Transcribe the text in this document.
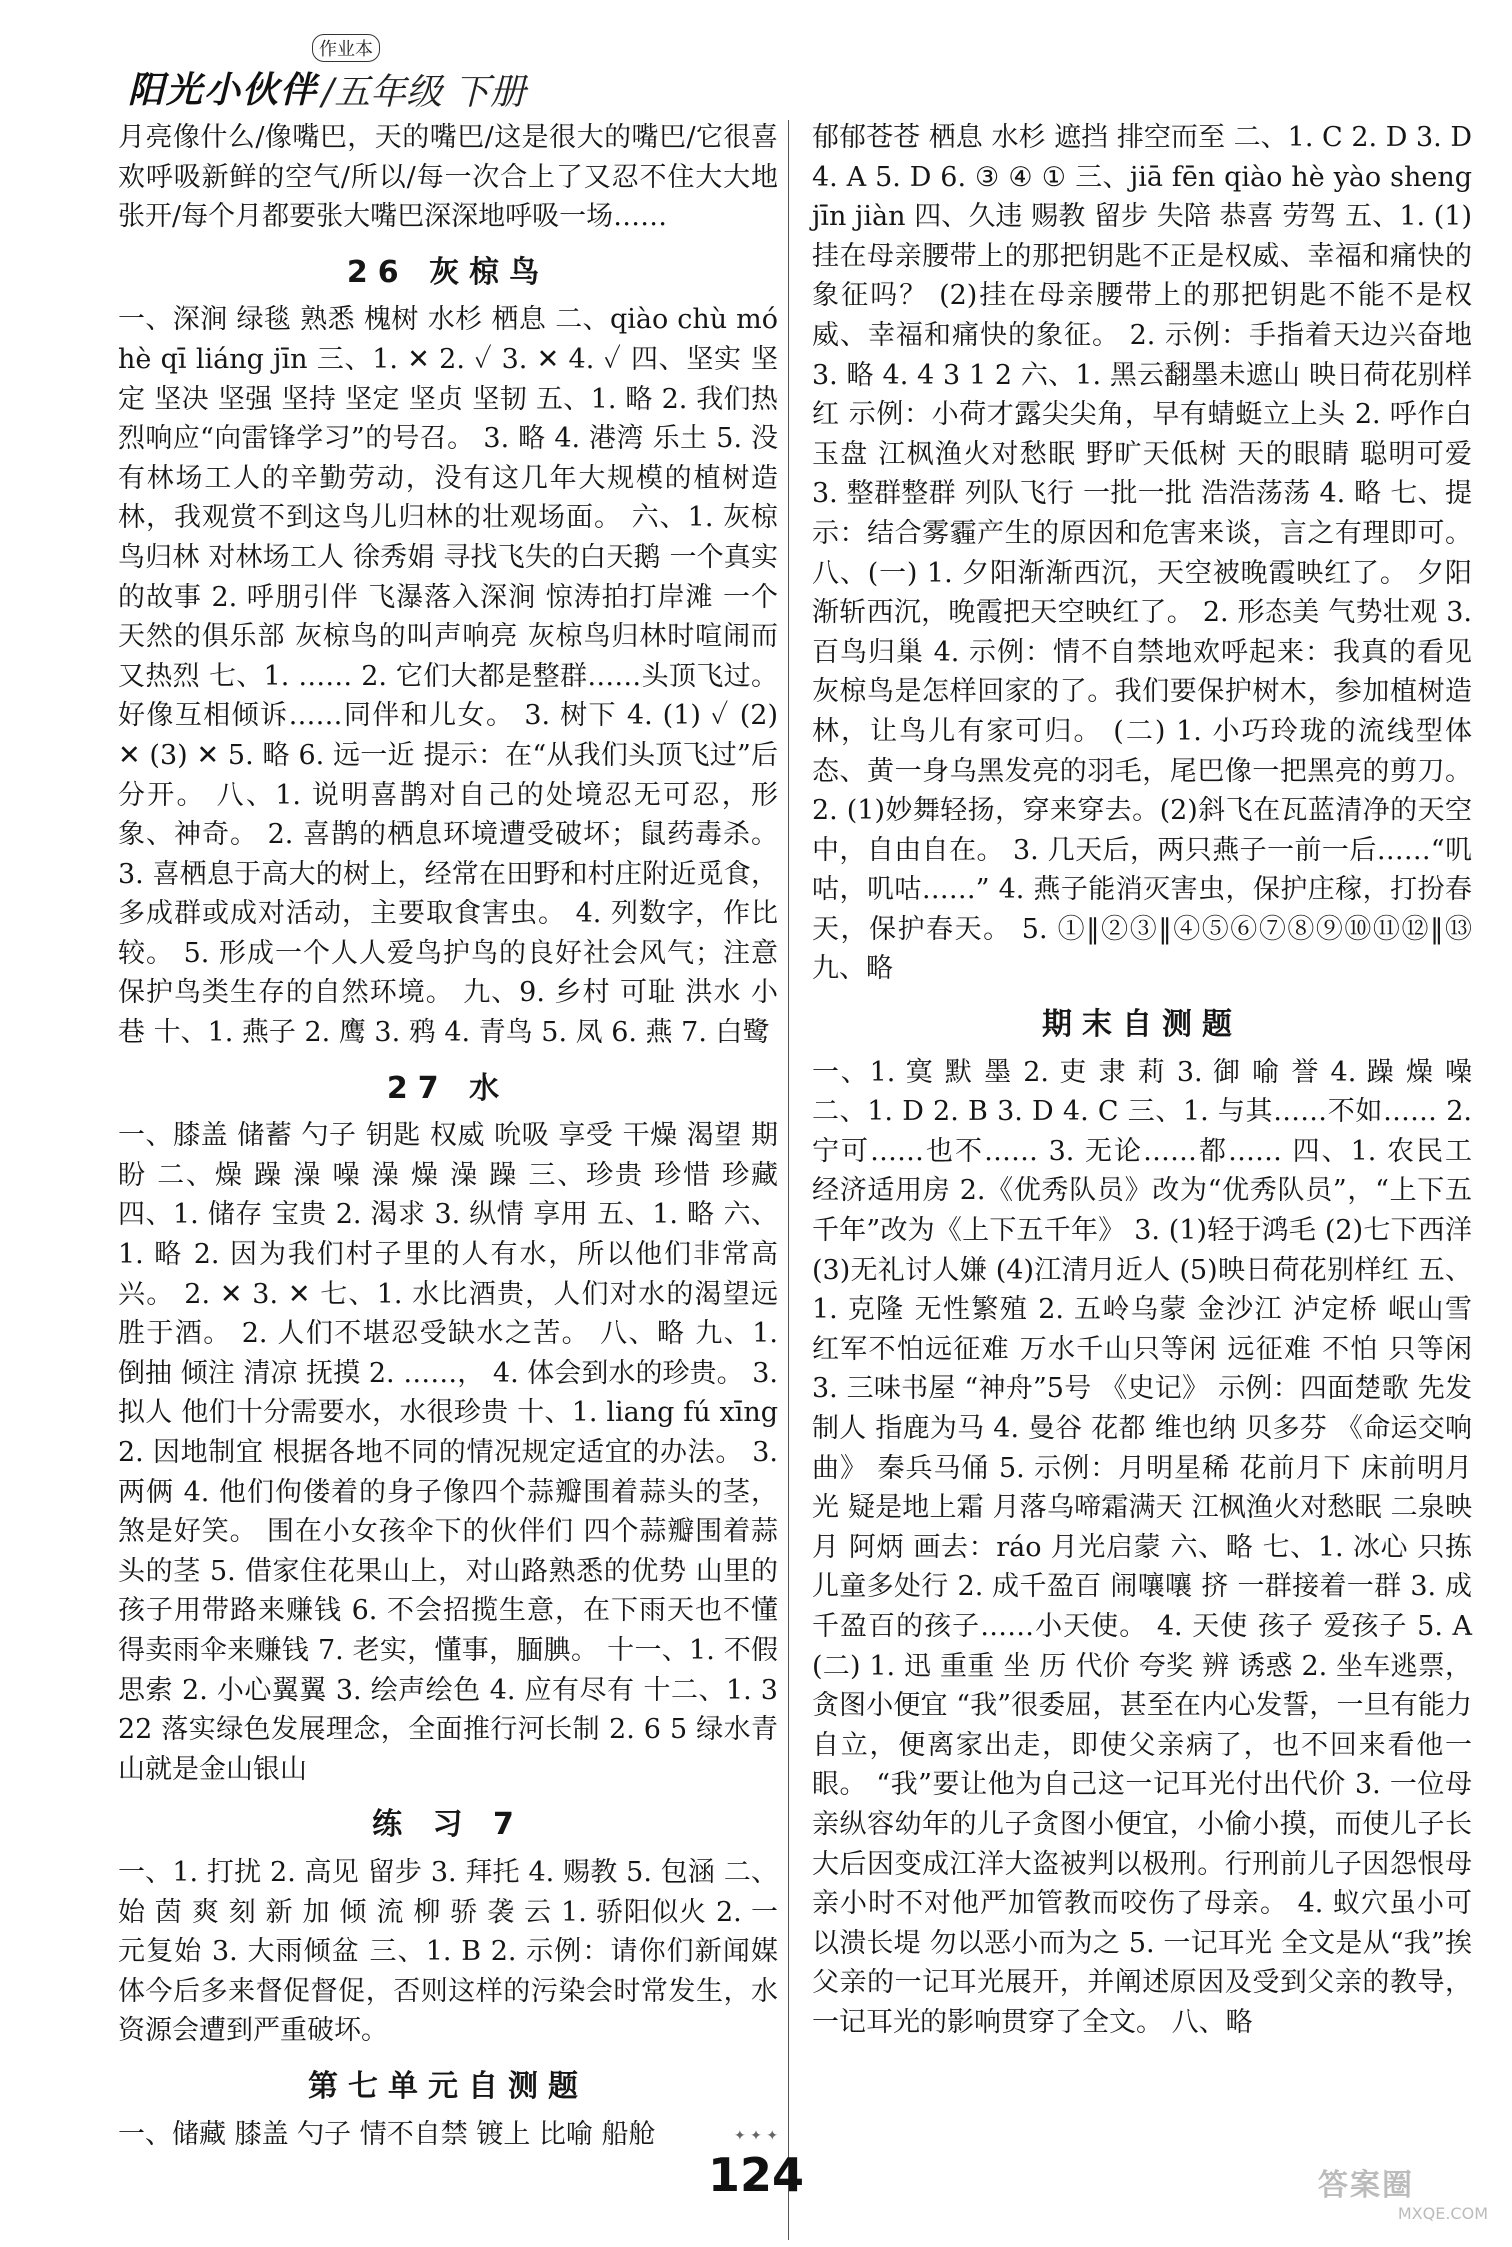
阳光小伙伴
作业本
/五年级 下册

月亮像什么/像嘴巴，天的嘴巴/这是很大的嘴巴/它很喜欢呼吸新鲜的空气/所以/每一次合上了又忍不住大大地张开/每个月都要张大嘴巴深深地呼吸一场……

26 灰椋鸟

一、深涧 绿毯 熟悉 槐树 水杉 栖息 二、qiào chù mó hè qī liáng jīn 三、1. ✕ 2. ✓ 3. ✕ 4. ✓ 四、坚实 坚定 坚决 坚强 坚持 坚定 坚贞 坚韧 五、1. 略 2. 我们热烈响应“向雷锋学习”的号召。 3. 略 4. 港湾 乐土 5. 没有林场工人的辛勤劳动，没有这几年大规模的植树造林，我观赏不到这鸟儿归林的壮观场面。 六、1. 灰椋鸟归林 对林场工人 徐秀娟 寻找飞失的白天鹅 一个真实的故事 2. 呼朋引伴 飞瀑落入深涧 惊涛拍打岸滩 一个天然的俱乐部 灰椋鸟的叫声响亮 灰椋鸟归林时喧闹而又热烈 七、1. …… 2. 它们大都是整群……头顶飞过。 好像互相倾诉……同伴和儿女。 3. 树下 4. (1) ✓ (2) ✕ (3) ✕ 5. 略 6. 远一近 提示：在“从我们头顶飞过”后分开。 八、1. 说明喜鹊对自己的处境忍无可忍，形象、神奇。 2. 喜鹊的栖息环境遭受破坏；鼠药毒杀。 3. 喜栖息于高大的树上，经常在田野和村庄附近觅食，多成群或成对活动，主要取食害虫。 4. 列数字，作比较。 5. 形成一个人人爱鸟护鸟的良好社会风气；注意保护鸟类生存的自然环境。 九、9. 乡村 可耻 洪水 小巷 十、1. 燕子 2. 鹰 3. 鸦 4. 青鸟 5. 凤 6. 燕 7. 白鹭

27 水

一、膝盖 储蓄 勺子 钥匙 权威 吮吸 享受 干燥 渴望 期盼 二、燥 躁 澡 噪 澡 燥 澡 躁 三、珍贵 珍惜 珍藏 四、1. 储存 宝贵 2. 渴求 3. 纵情 享用 五、1. 略 六、1. 略 2. 因为我们村子里的人有水，所以他们非常高兴。 2. ✕ 3. ✕ 七、1. 水比酒贵，人们对水的渴望远胜于酒。 2. 人们不堪忍受缺水之苦。 八、略 九、1. 倒抽 倾注 清凉 抚摸 2. ……， 4. 体会到水的珍贵。 3. 拟人 他们十分需要水，水很珍贵 十、1. liang fú xīng 2. 因地制宜 根据各地不同的情况规定适宜的办法。 3. 两俩 4. 他们佝偻着的身子像四个蒜瓣围着蒜头的茎，煞是好笑。 围在小女孩伞下的伙伴们 四个蒜瓣围着蒜头的茎 5. 借家住花果山上，对山路熟悉的优势 山里的孩子用带路来赚钱 6. 不会招揽生意，在下雨天也不懂得卖雨伞来赚钱 7. 老实，懂事，腼腆。 十一、1. 不假思索 2. 小心翼翼 3. 绘声绘色 4. 应有尽有 十二、1. 3 22 落实绿色发展理念，全面推行河长制 2. 6 5 绿水青山就是金山银山

练 习 7

一、1. 打扰 2. 高见 留步 3. 拜托 4. 赐教 5. 包涵 二、始 茵 爽 刻 新 加 倾 流 柳 骄 袭 云 1. 骄阳似火 2. 一元复始 3. 大雨倾盆 三、1. B 2. 示例：请你们新闻媒体今后多来督促督促，否则这样的污染会时常发生，水资源会遭到严重破坏。

第七单元自测题

一、储藏 膝盖 勺子 情不自禁 镀上 比喻 船舱

郁郁苍苍 栖息 水杉 遮挡 排空而至 二、1. C 2. D 3. D 4. A 5. D 6. ③ ④ ① 三、jiā fēn qiào hè yào sheng jīn jiàn 四、久违 赐教 留步 失陪 恭喜 劳驾 五、1. (1)挂在母亲腰带上的那把钥匙不正是权威、幸福和痛快的象征吗？ (2)挂在母亲腰带上的那把钥匙不能不是权威、幸福和痛快的象征。 2. 示例：手指着天边兴奋地 3. 略 4. 4 3 1 2 六、1. 黑云翻墨未遮山 映日荷花别样红 示例：小荷才露尖尖角，早有蜻蜓立上头 2. 呼作白玉盘 江枫渔火对愁眠 野旷天低树 天的眼睛 聪明可爱 3. 整群整群 列队飞行 一批一批 浩浩荡荡 4. 略 七、提示：结合雾霾产生的原因和危害来谈，言之有理即可。 八、(一) 1. 夕阳渐渐西沉，天空被晚霞映红了。 夕阳渐斩西沉，晚霞把天空映红了。 2. 形态美 气势壮观 3. 百鸟归巢 4. 示例：情不自禁地欢呼起来：我真的看见灰椋鸟是怎样回家的了。我们要保护树木，参加植树造林，让鸟儿有家可归。 (二) 1. 小巧玲珑的流线型体态、黄一身乌黑发亮的羽毛，尾巴像一把黑亮的剪刀。 2. (1)妙舞轻扬，穿来穿去。(2)斜飞在瓦蓝清净的天空中，自由自在。 3. 几天后，两只燕子一前一后……“叽咕，叽咕……” 4. 燕子能消灭害虫，保护庄稼，打扮春天，保护春天。 5. ①‖②③‖④⑤⑥⑦⑧⑨⑩⑪⑫‖⑬ 九、略

期末自测题

一、1. 寞 默 墨 2. 吏 隶 莉 3. 御 喻 誉 4. 躁 燥 噪 二、1. D 2. B 3. D 4. C 三、1. 与其……不如…… 2. 宁可……也不…… 3. 无论……都…… 四、1. 农民工 经济适用房 2.《优秀队员》改为“优秀队员”，“上下五千年”改为《上下五千年》 3. (1)轻于鸿毛 (2)七下西洋 (3)无礼讨人嫌 (4)江清月近人 (5)映日荷花别样红 五、1. 克隆 无性繁殖 2. 五岭乌蒙 金沙江 泸定桥 岷山雪 红军不怕远征难 万水千山只等闲 远征难 不怕 只等闲 3. 三味书屋 “神舟”5号 《史记》 示例：四面楚歌 先发制人 指鹿为马 4. 曼谷 花都 维也纳 贝多芬 《命运交响曲》 秦兵马俑 5. 示例：月明星稀 花前月下 床前明月光 疑是地上霜 月落乌啼霜满天 江枫渔火对愁眠 二泉映月 阿炳 画去：ráo 月光启蒙 六、略 七、1. 冰心 只拣儿童多处行 2. 成千盈百 闹嚷嚷 挤 一群接着一群 3. 成千盈百的孩子……小天使。 4. 天使 孩子 爱孩子 5. A (二) 1. 迅 重重 坐 历 代价 夸奖 辨 诱惑 2. 坐车逃票，贪图小便宜 “我”很委屈，甚至在内心发誓，一旦有能力自立，便离家出走，即使父亲病了，也不回来看他一眼。 “我”要让他为自己这一记耳光付出代价 3. 一位母亲纵容幼年的儿子贪图小便宜，小偷小摸，而使儿子长大后因变成江洋大盗被判以极刑。行刑前儿子因怨恨母亲小时不对他严加管教而咬伤了母亲。 4. 蚁穴虽小可以溃长堤 勿以恶小而为之 5. 一记耳光 全文是从“我”挨父亲的一记耳光展开，并阐述原因及受到父亲的教导，一记耳光的影响贯穿了全文。 八、略

✦ ✦ ✦
124	答案圈
MXQE.COM
